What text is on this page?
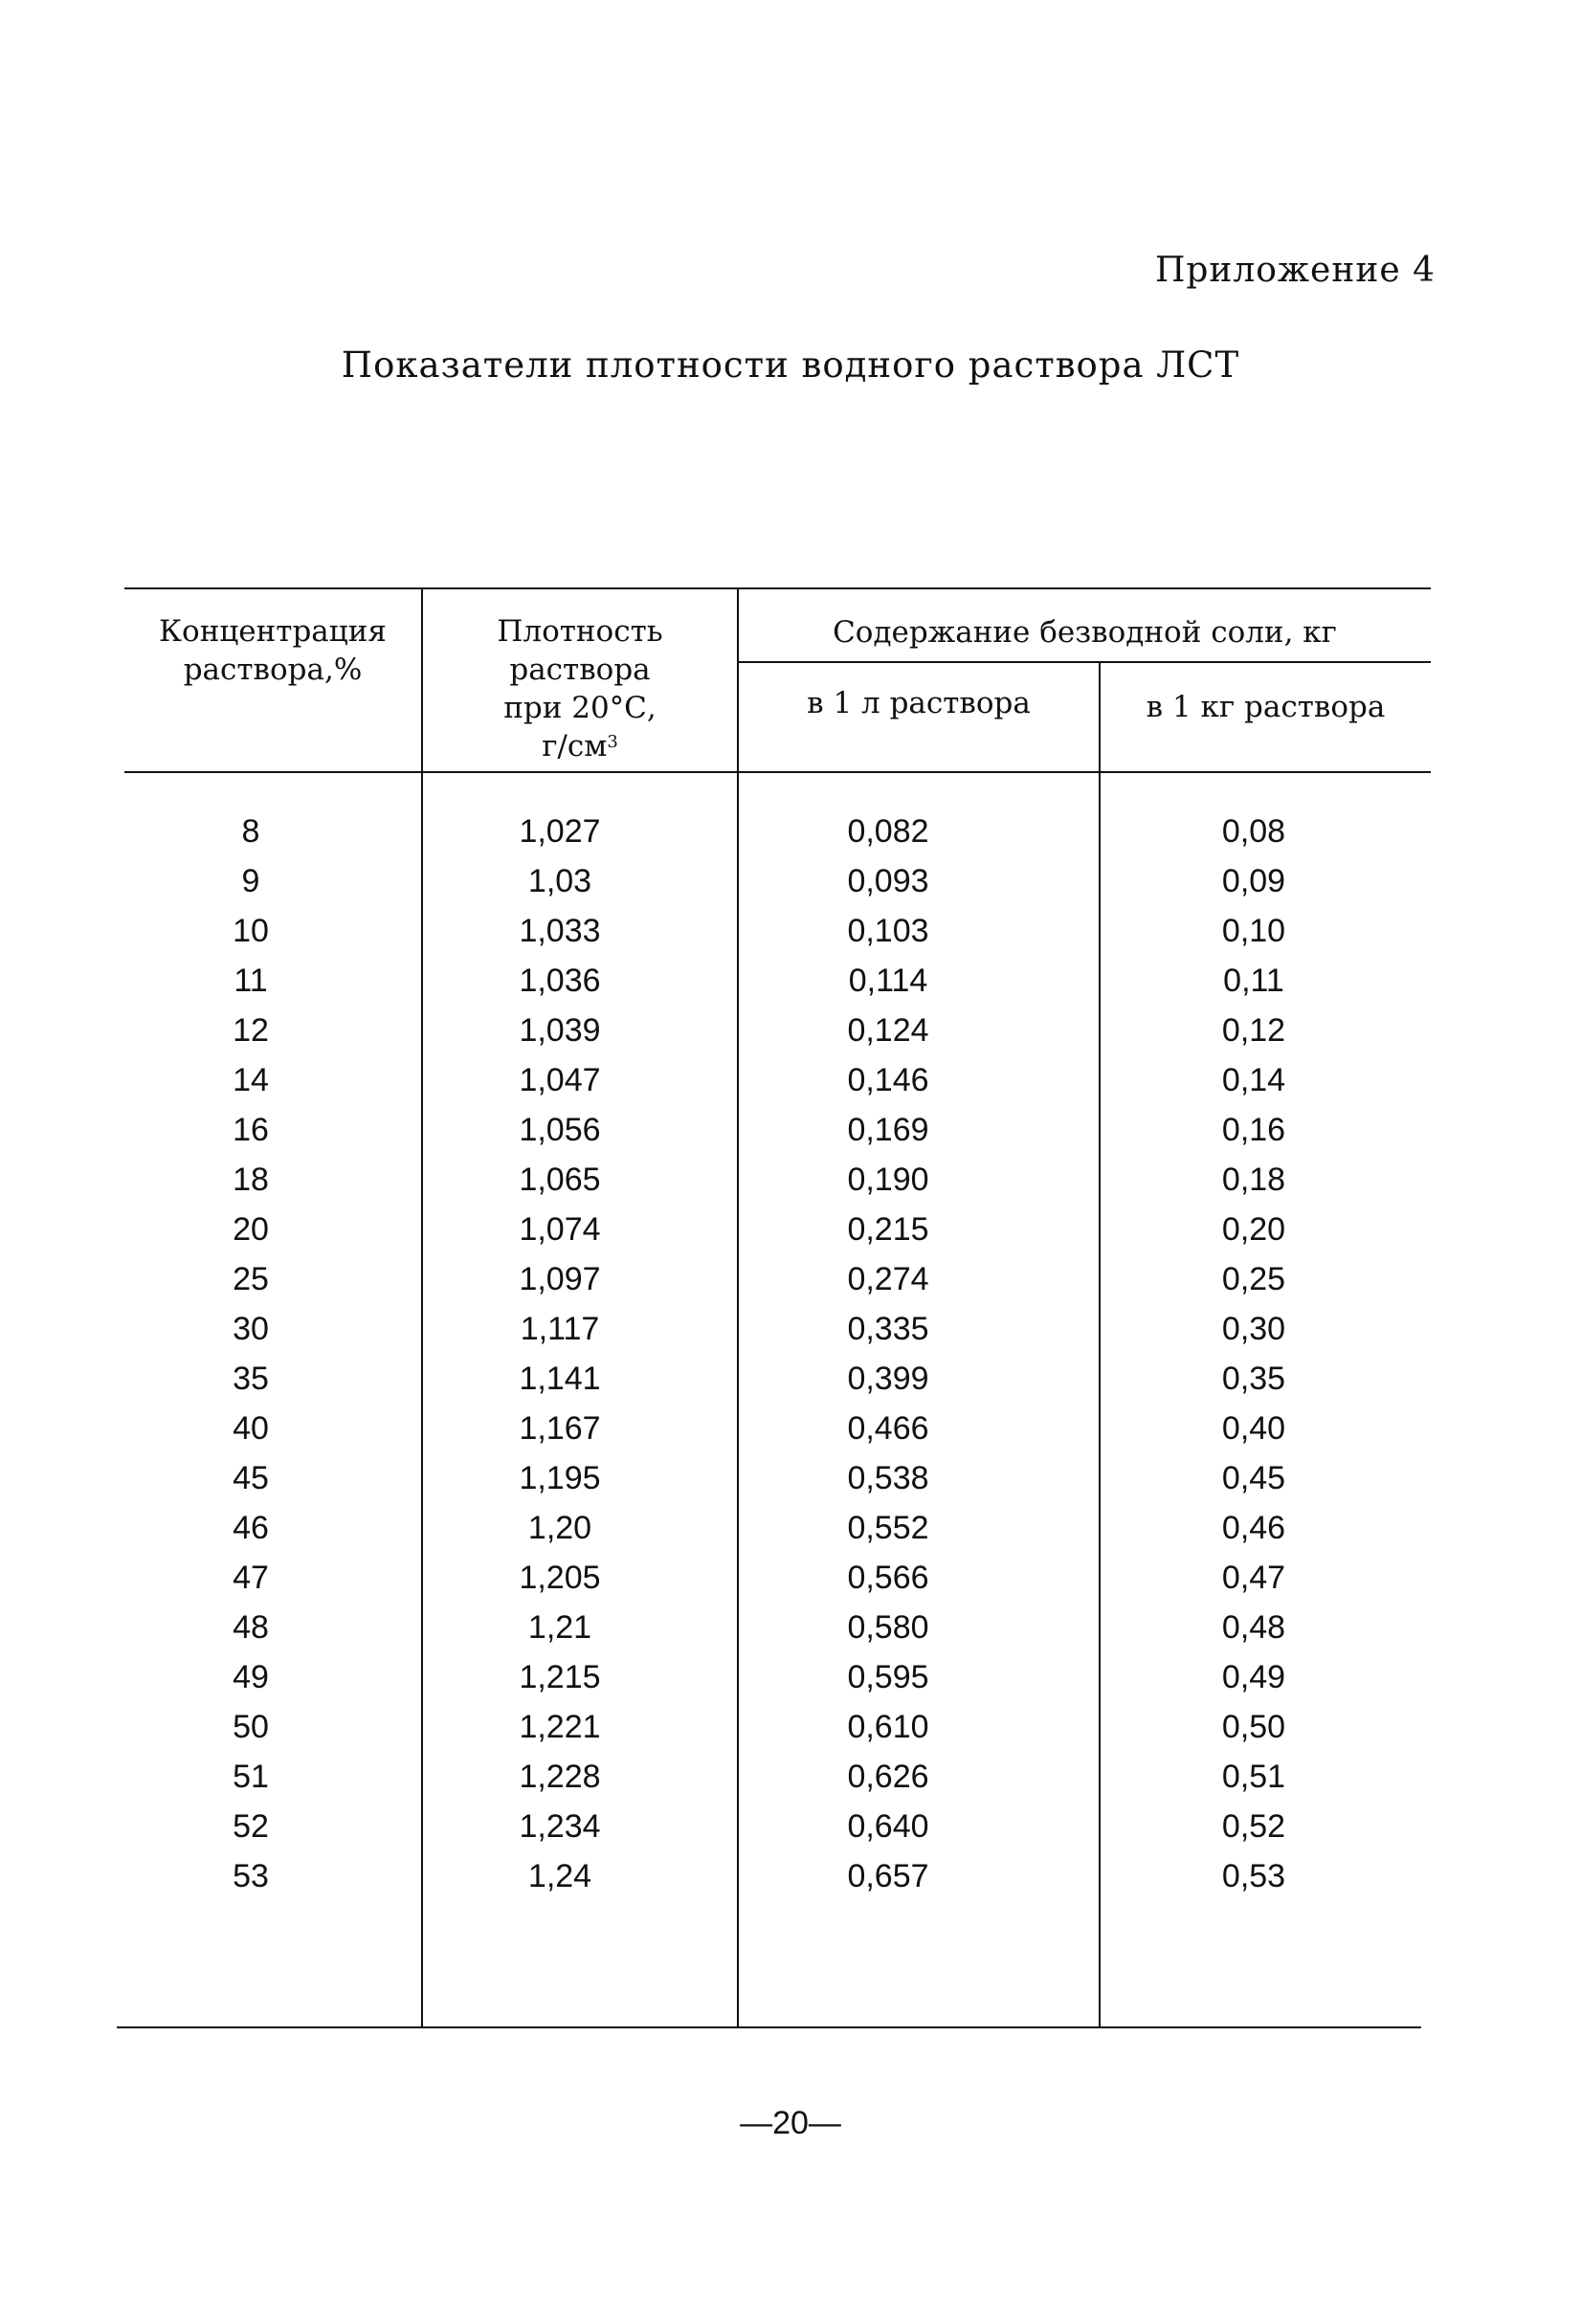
Приложение 4
Показатели плотности водного раствора ЛСТ
Концентрация
раствора,%
Плотность
раствора
при 20°С,
$г/см^3$
Содержание безводной соли, кг
в 1 л раствора	в 1 кг раствора
8	1,027	0,082	0,08
9	1,03	0,093	0,09
10	1,033	0,103	0,10
11	1,036	0,114	0,11
12	1,039	0,124	0,12
14	1,047	0,146	0,14
16	1,056	0,169	0,16
18	1,065	0,190	0,18
20	1,074	0,215	0,20
25	1,097	0,274	0,25
30	1,117	0,335	0,30
35	1,141	0,399	0,35
40	1,167	0,466	0,40
45	1,195	0,538	0,45
46	1,20	0,552	0,46
47	1,205	0,566	0,47
48	1,21	0,580	0,48
49	1,215	0,595	0,49
50	1,221	0,610	0,50
51	1,228	0,626	0,51
52	1,234	0,640	0,52
53	1,24	0,657	0,53
—20—
